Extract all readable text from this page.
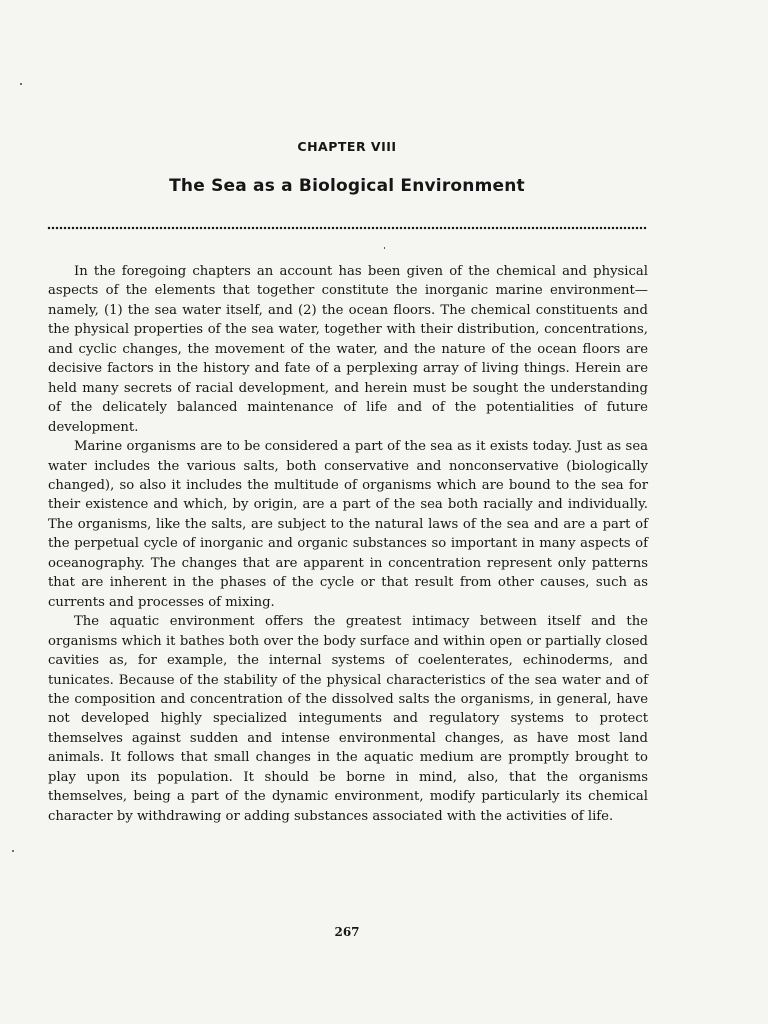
CHAPTER VIII
The Sea as a Biological Environment

In the foregoing chapters an account has been given of the chemical and physical aspects of the elements that together constitute the inorganic marine environment—namely, (1) the sea water itself, and (2) the ocean floors. The chemical constituents and the physical properties of the sea water, together with their distribution, concentrations, and cyclic changes, the movement of the water, and the nature of the ocean floors are decisive factors in the history and fate of a perplexing array of living things. Herein are held many secrets of racial development, and herein must be sought the understanding of the delicately balanced maintenance of life and of the potentialities of future development.

Marine organisms are to be considered a part of the sea as it exists today. Just as sea water includes the various salts, both conservative and nonconservative (biologically changed), so also it includes the multitude of organisms which are bound to the sea for their existence and which, by origin, are a part of the sea both racially and individually. The organisms, like the salts, are subject to the natural laws of the sea and are a part of the perpetual cycle of inorganic and organic substances so important in many aspects of oceanography. The changes that are apparent in concentration represent only patterns that are inherent in the phases of the cycle or that result from other causes, such as currents and processes of mixing.

The aquatic environment offers the greatest intimacy between itself and the organisms which it bathes both over the body surface and within open or partially closed cavities as, for example, the internal systems of coelenterates, echinoderms, and tunicates. Because of the stability of the physical characteristics of the sea water and of the composition and concentration of the dissolved salts the organisms, in general, have not developed highly specialized integuments and regulatory systems to protect themselves against sudden and intense environmental changes, as have most land animals. It follows that small changes in the aquatic medium are promptly brought to play upon its population. It should be borne in mind, also, that the organisms themselves, being a part of the dynamic environment, modify particularly its chemical character by withdrawing or adding substances associated with the activities of life.

267
